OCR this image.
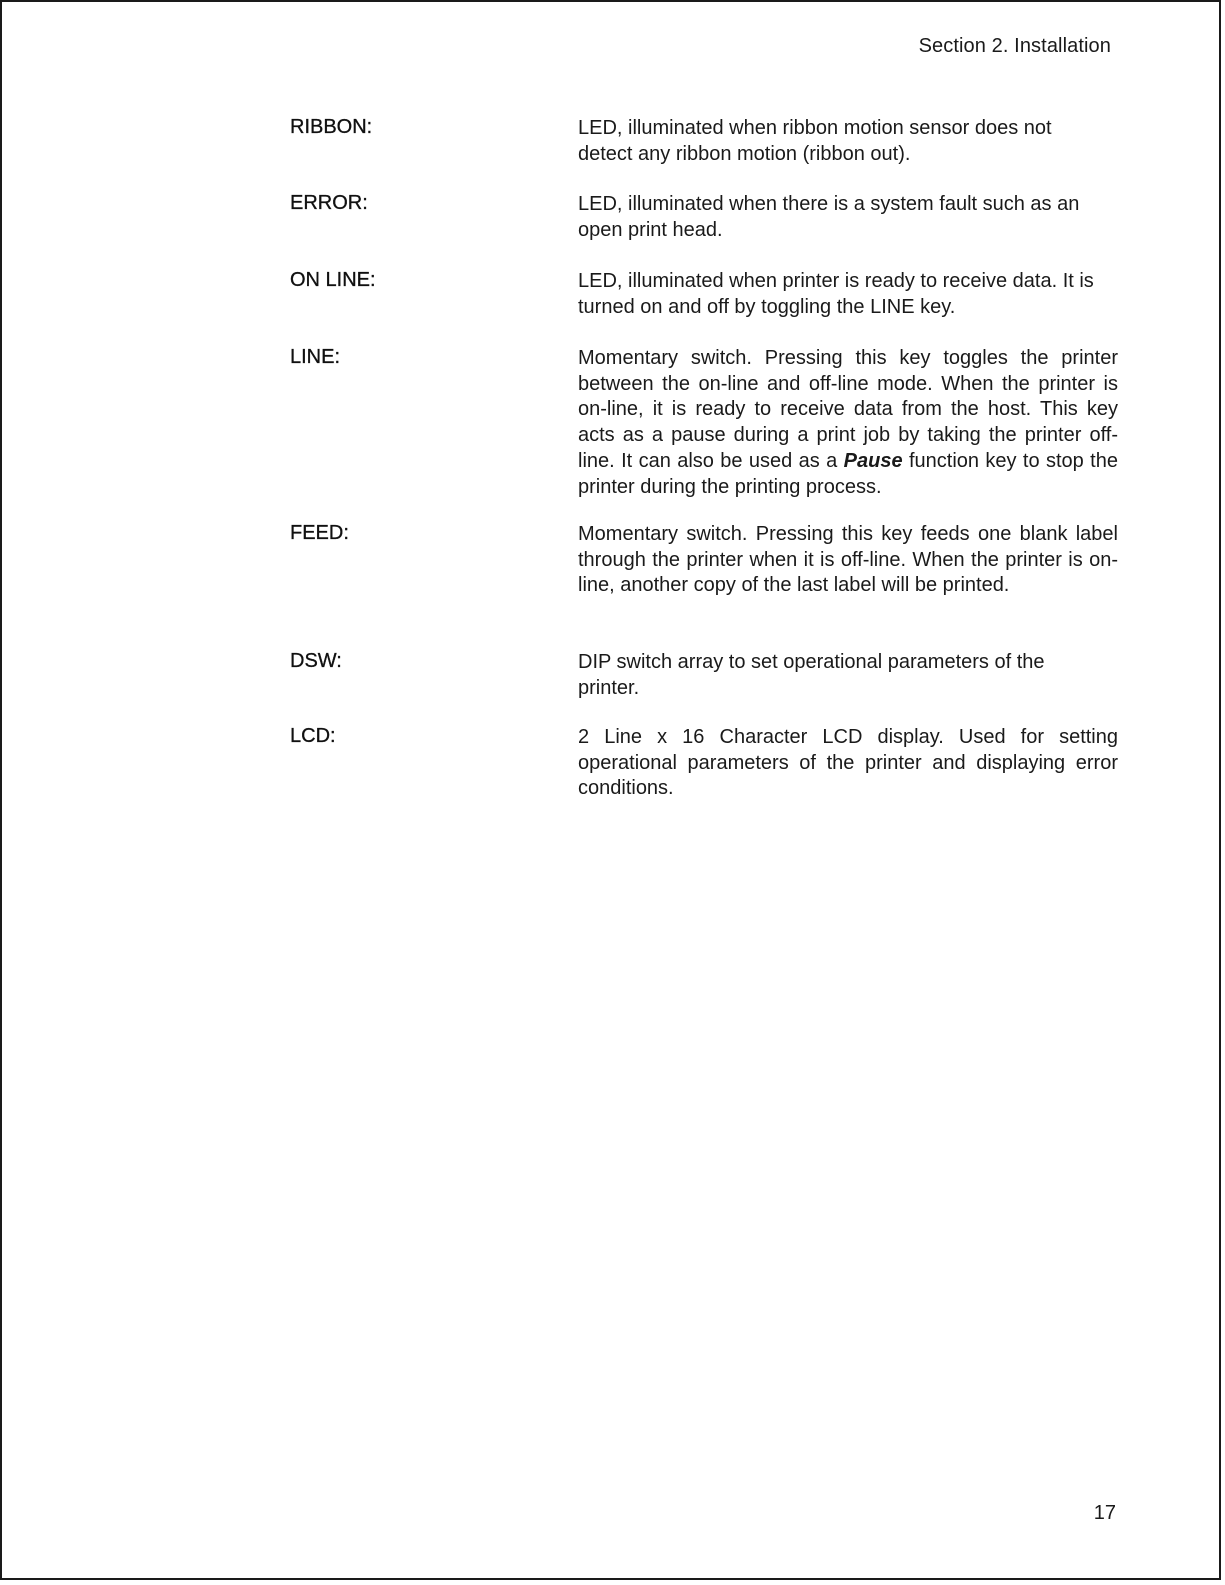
Section 2. Installation
RIBBON:	LED, illuminated when ribbon motion sensor does not detect any ribbon motion (ribbon out).
ERROR:	LED, illuminated when there is a system fault such as an open print head.
ON LINE:	LED, illuminated when printer is ready to receive data. It is turned on and off by toggling the LINE key.
LINE:	Momentary switch. Pressing this key toggles the printer between the on-line and off-line mode. When the printer is on-line, it is ready to receive data from the host. This key acts as a pause during a print job by taking the printer off-line. It can also be used as a Pause function key to stop the printer during the printing process.
FEED:	Momentary switch. Pressing this key feeds one blank label through the printer when it is off-line. When the printer is on-line, another copy of the last label will be printed.
DSW:	DIP switch array to set operational parameters of the printer.
LCD:	2 Line x 16 Character LCD display. Used for setting operational parameters of the printer and displaying error conditions.
17
